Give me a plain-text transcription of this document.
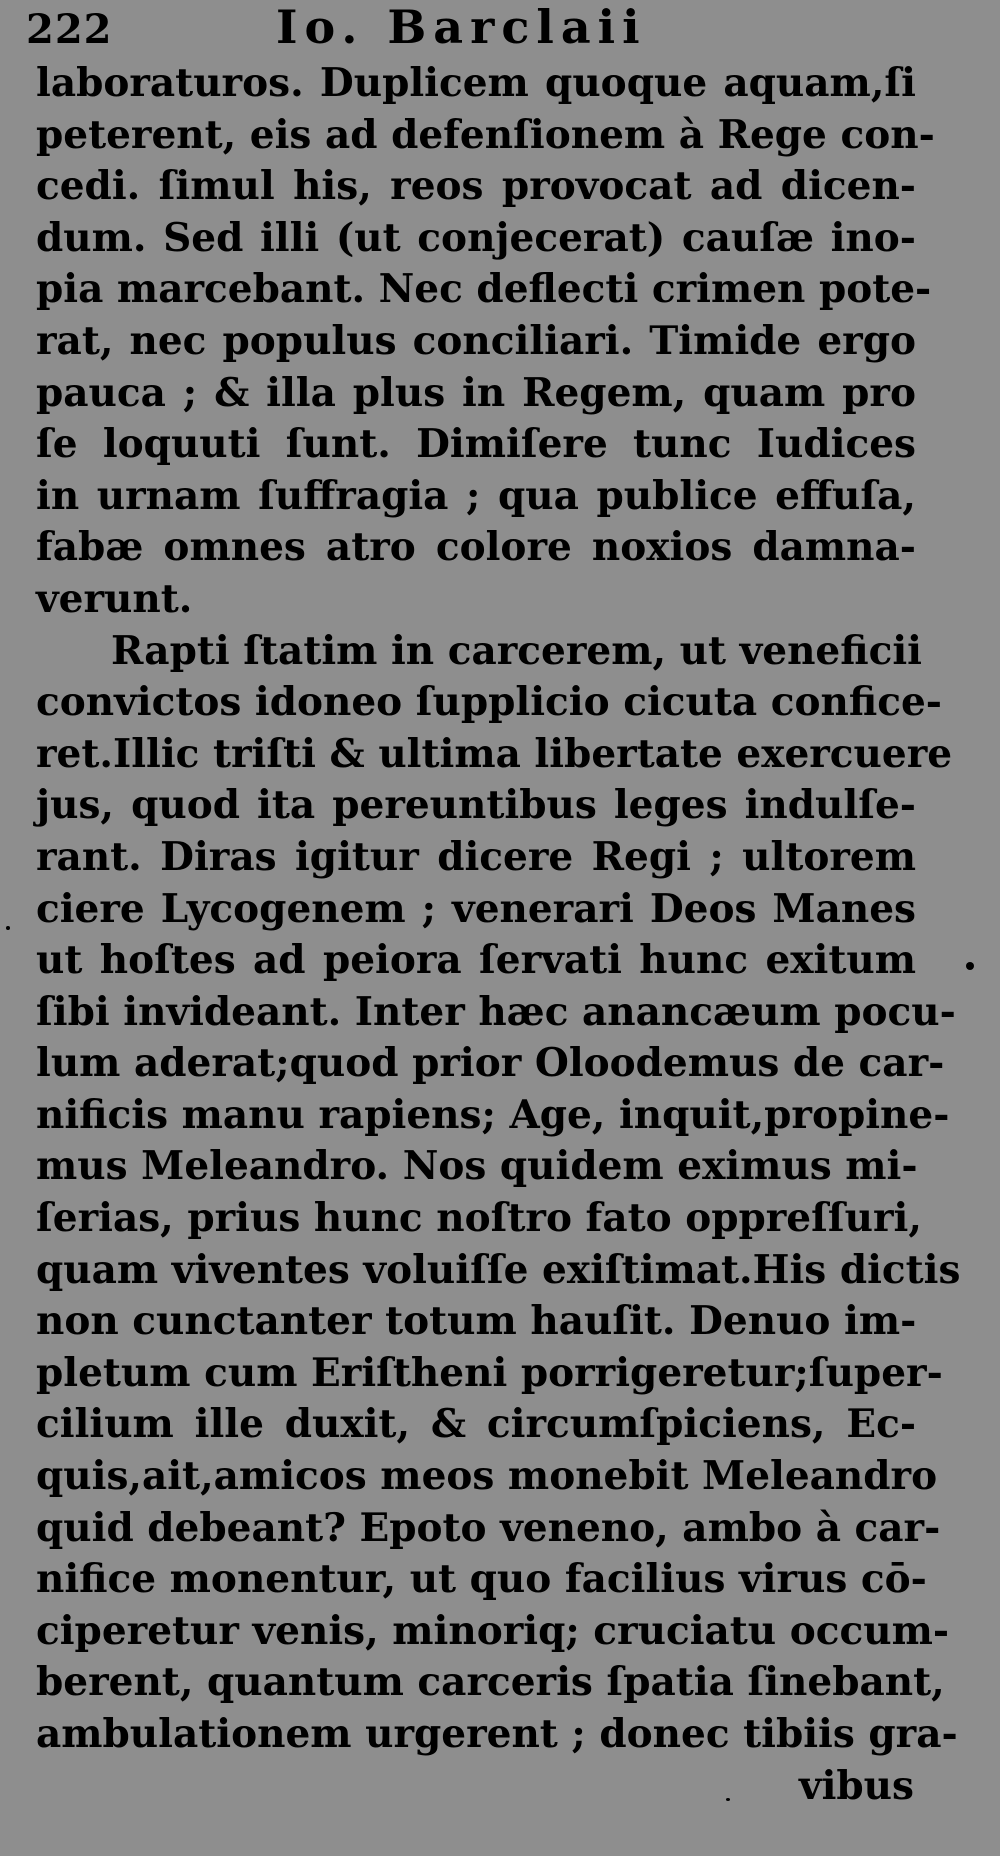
222	Io. Barclaii
laboraturos. Duplicem quoque aquam,ſi
peterent, eis ad defenſionem à Rege con-
cedi. ſimul his, reos provocat ad dicen-
dum. Sed illi (ut conjecerat) cauſæ ino-
pia marcebant. Nec deflecti crimen pote-
rat, nec populus conciliari. Timide ergo
pauca ; & illa plus in Regem, quam pro
ſe loquuti ſunt. Dimiſere tunc Iudices
in urnam ſuffragia ; qua publice effuſa,
fabæ omnes atro colore noxios damna-
verunt.
Rapti ſtatim in carcerem, ut veneficii
convictos idoneo ſupplicio cicuta conficе-
ret.Illic triſti & ultima libertate exercuere
jus, quod ita pereuntibus leges indulſe-
rant. Diras igitur dicere Regi ; ultorem
ciere Lycogenem ; venerari Deos Manes
ut hoſtes ad peiora ſervati hunc exitum
ſibi invideant. Inter hæc anancæum pocu-
lum aderat;quod prior Oloodemus de car-
nificis manu rapiens; Age, inquit,propine-
mus Meleandro. Nos quidem eximus mi-
ſerias, prius hunc noſtro fato oppreſſuri,
quam viventes voluiſſe exiſtimat.His dictis
non cunctanter totum hauſit. Denuo im-
pletum cum Eriſtheni porrigeretur;ſuper-
cilium ille duxit, & circumſpiciens, Ec-
quis,ait,amicos meos monebit Meleandro
quid debeant? Epoto veneno, ambo à car-
nifice monentur, ut quo facilius virus cō-
ciperetur venis, minoriq; cruciatu occum-
berent, quantum carceris ſpatia ſinebant,
ambulationem urgerent ; donec tibiis gra-
vibus
